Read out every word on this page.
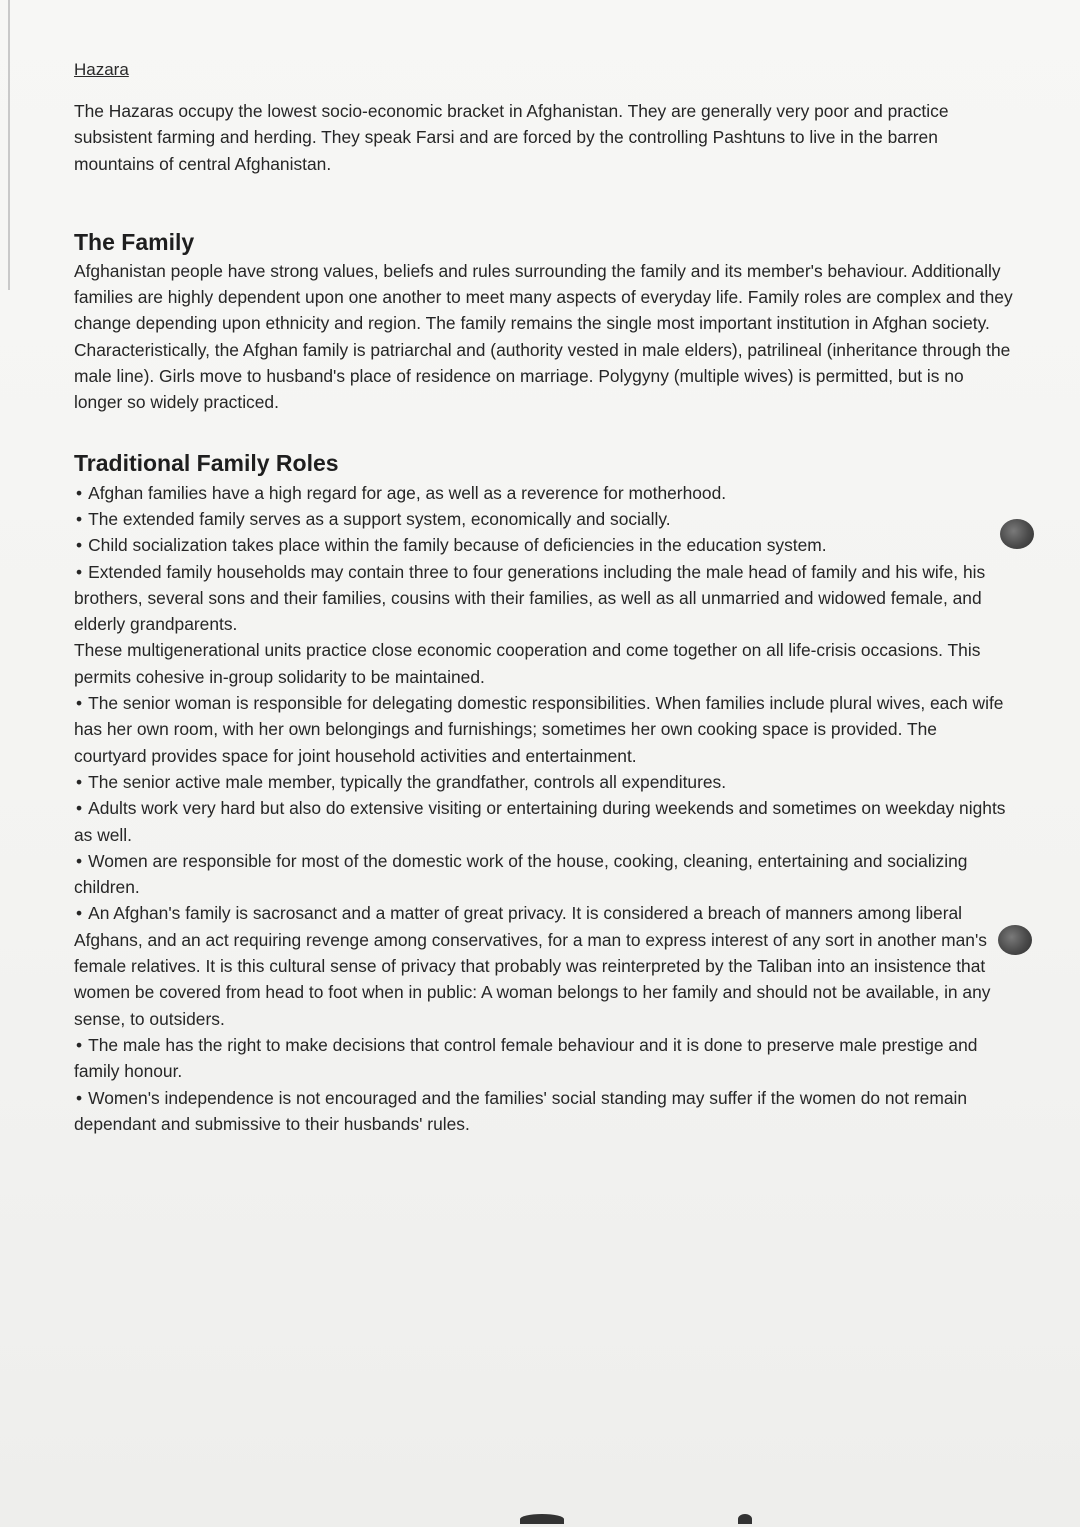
Hazara

The Hazaras occupy the lowest socio-economic bracket in Afghanistan. They are generally very poor and practice subsistent farming and herding. They speak Farsi and are forced by the controlling Pashtuns to live in the barren mountains of central Afghanistan.

The Family

Afghanistan people have strong values, beliefs and rules surrounding the family and its member's behaviour. Additionally families are highly dependent upon one another to meet many aspects of everyday life. Family roles are complex and they change depending upon ethnicity and region. The family remains the single most important institution in Afghan society. Characteristically, the Afghan family is patriarchal and (authority vested in male elders), patrilineal (inheritance through the male line). Girls move to husband's place of residence on marriage. Polygyny (multiple wives) is permitted, but is no longer so widely practiced.

Traditional Family Roles
• Afghan families have a high regard for age, as well as a reverence for motherhood.
• The extended family serves as a support system, economically and socially.
• Child socialization takes place within the family because of deficiencies in the education system.
• Extended family households may contain three to four generations including the male head of family and his wife, his brothers, several sons and their families, cousins with their families, as well as all unmarried and widowed female, and elderly grandparents.

These multigenerational units practice close economic cooperation and come together on all life-crisis occasions. This permits cohesive in-group solidarity to be maintained.

• The senior woman is responsible for delegating domestic responsibilities. When families include plural wives, each wife has her own room, with her own belongings and furnishings; sometimes her own cooking space is provided. The courtyard provides space for joint household activities and entertainment.
• The senior active male member, typically the grandfather, controls all expenditures.
• Adults work very hard but also do extensive visiting or entertaining during weekends and sometimes on weekday nights as well.
• Women are responsible for most of the domestic work of the house, cooking, cleaning, entertaining and socializing children.
• An Afghan's family is sacrosanct and a matter of great privacy. It is considered a breach of manners among liberal Afghans, and an act requiring revenge among conservatives, for a man to express interest of any sort in another man's female relatives. It is this cultural sense of privacy that probably was reinterpreted by the Taliban into an insistence that women be covered from head to foot when in public: A woman belongs to her family and should not be available, in any sense, to outsiders.
• The male has the right to make decisions that control female behaviour and it is done to preserve male prestige and family honour.
• Women's independence is not encouraged and the families' social standing may suffer if the women do not remain dependant and submissive to their husbands' rules.
